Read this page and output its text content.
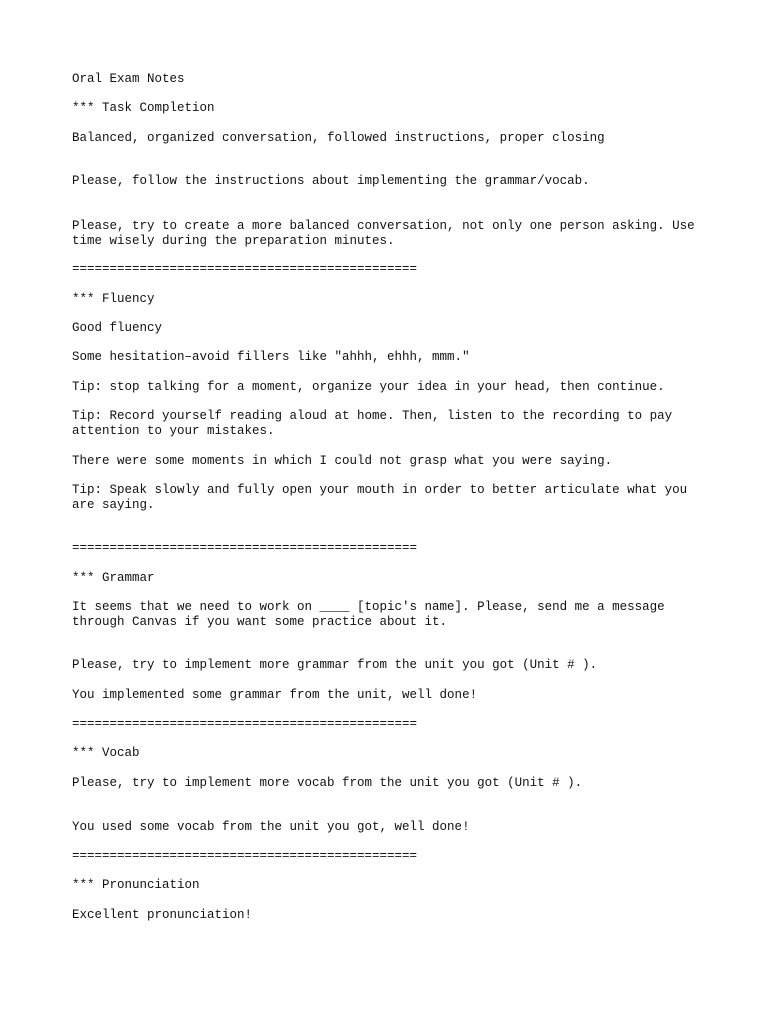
Oral Exam Notes

*** Task Completion

Balanced, organized conversation, followed instructions, proper closing

Please, follow the instructions about implementing the grammar/vocab.

Please, try to create a more balanced conversation, not only one person asking. Use time wisely during the preparation minutes.

==============================================

*** Fluency

Good fluency

Some hesitation–avoid fillers like "ahhh, ehhh, mmm."

Tip: stop talking for a moment, organize your idea in your head, then continue.

Tip: Record yourself reading aloud at home. Then, listen to the recording to pay attention to your mistakes.

There were some moments in which I could not grasp what you were saying.

Tip: Speak slowly and fully open your mouth in order to better articulate what you are saying.

==============================================

*** Grammar

It seems that we need to work on ____ [topic's name]. Please, send me a message through Canvas if you want some practice about it.

Please, try to implement more grammar from the unit you got (Unit # ).

You implemented some grammar from the unit, well done!

==============================================

*** Vocab

Please, try to implement more vocab from the unit you got (Unit # ).

You used some vocab from the unit you got, well done!

==============================================

*** Pronunciation

Excellent pronunciation!
